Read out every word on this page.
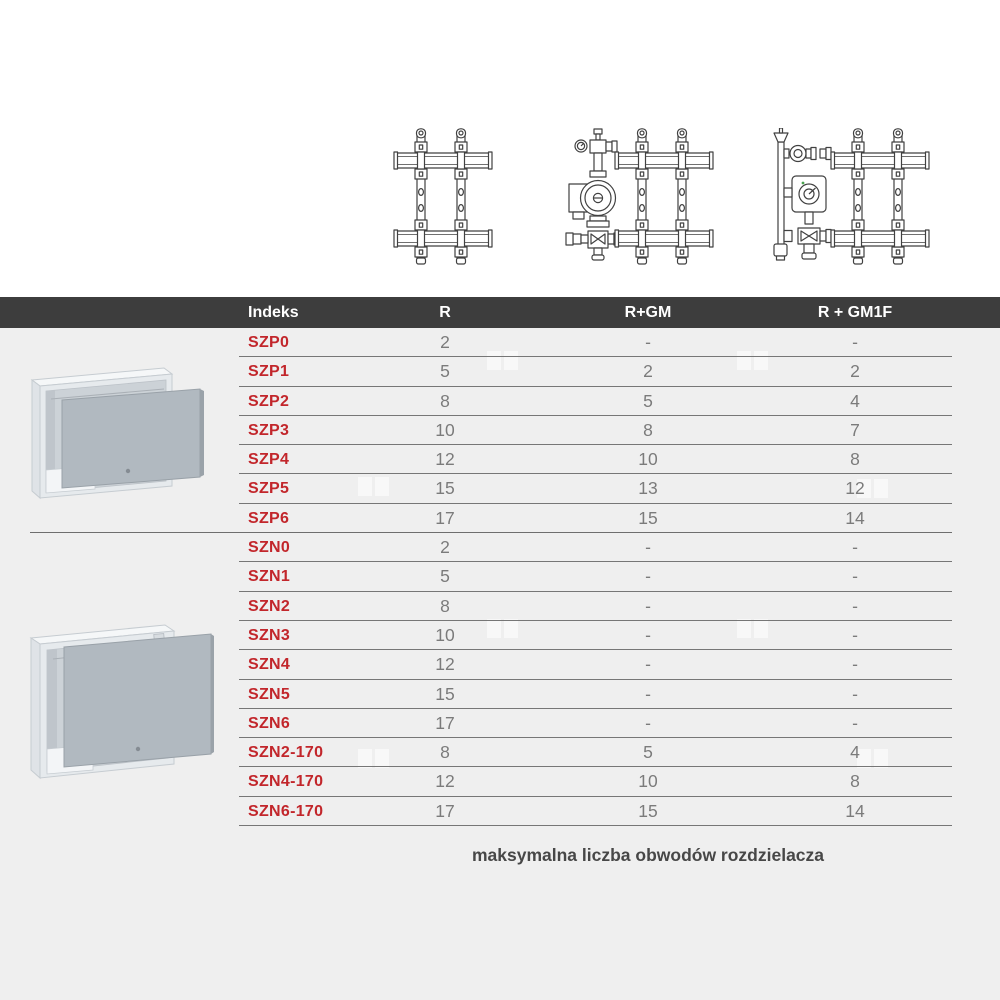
Indeks	R	R+GM	R + GM1F
SZP0	2	-	-
SZP1	5	2	2
SZP2	8	5	4
SZP3	10	8	7
SZP4	12	10	8
SZP5	15	13	12
SZP6	17	15	14
SZN0	2	-	-
SZN1	5	-	-
SZN2	8	-	-
SZN3	10	-	-
SZN4	12	-	-
SZN5	15	-	-
SZN6	17	-	-
SZN2-170	8	5	4
SZN4-170	12	10	8
SZN6-170	17	15	14
maksymalna liczba obwodów rozdzielacza
